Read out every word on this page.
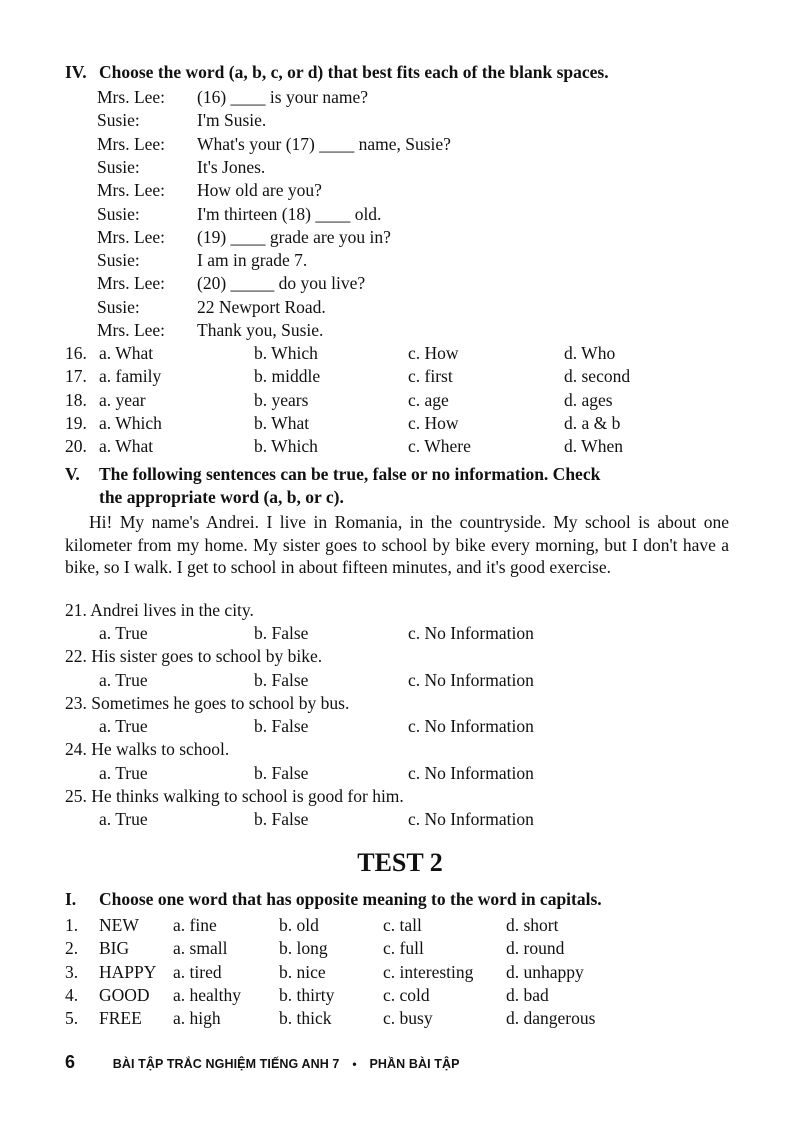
IV. Choose the word (a, b, c, or d) that best fits each of the blank spaces.
Mrs. Lee: (16) ____ is your name?
Susie:	I'm Susie.
Mrs. Lee: What's your (17) ____ name, Susie?
Susie:	It's Jones.
Mrs. Lee: How old are you?
Susie:	I'm thirteen (18) ____ old.
Mrs. Lee: (19) ____ grade are you in?
Susie:	I am in grade 7.
Mrs. Lee: (20) _____ do you live?
Susie:	22 Newport Road.
Mrs. Lee: Thank you, Susie.
16. a. What	b. Which	c. How	d. Who
17. a. family	b. middle	c. first	d. second
18. a. year	b. years	c. age	d. ages
19. a. Which	b. What	c. How	d. a & b
20. a. What	b. Which	c. Where	d. When
V. The following sentences can be true, false or no information. Check
the appropriate word (a, b, or c).
Hi! My name's Andrei. I live in Romania, in the countryside. My school is about one kilometer from my home. My sister goes to school by bike every morning, but I don't have a bike, so I walk. I get to school in about fifteen minutes, and it's good exercise.
21. Andrei lives in the city.
a. True	b. False	c. No Information
22. His sister goes to school by bike.
a. True	b. False	c. No Information
23. Sometimes he goes to school by bus.
a. True	b. False	c. No Information
24. He walks to school.
a. True	b. False	c. No Information
25. He thinks walking to school is good for him.
a. True	b. False	c. No Information
TEST 2
I. Choose one word that has opposite meaning to the word in capitals.
1. NEW a. fine	b. old	c. tall	d. short
2. BIG	a. small	b. long	c. full	d. round
3. HAPPY a. tired	b. nice	c. interesting d. unhappy
4. GOOD a. healthy b. thirty	c. cold	d. bad
5. FREE a. high	b. thick	c. busy	d. dangerous
6	BÀI TẬP TRẮC NGHIỆM TIẾNG ANH 7 • PHẦN BÀI TẬP
